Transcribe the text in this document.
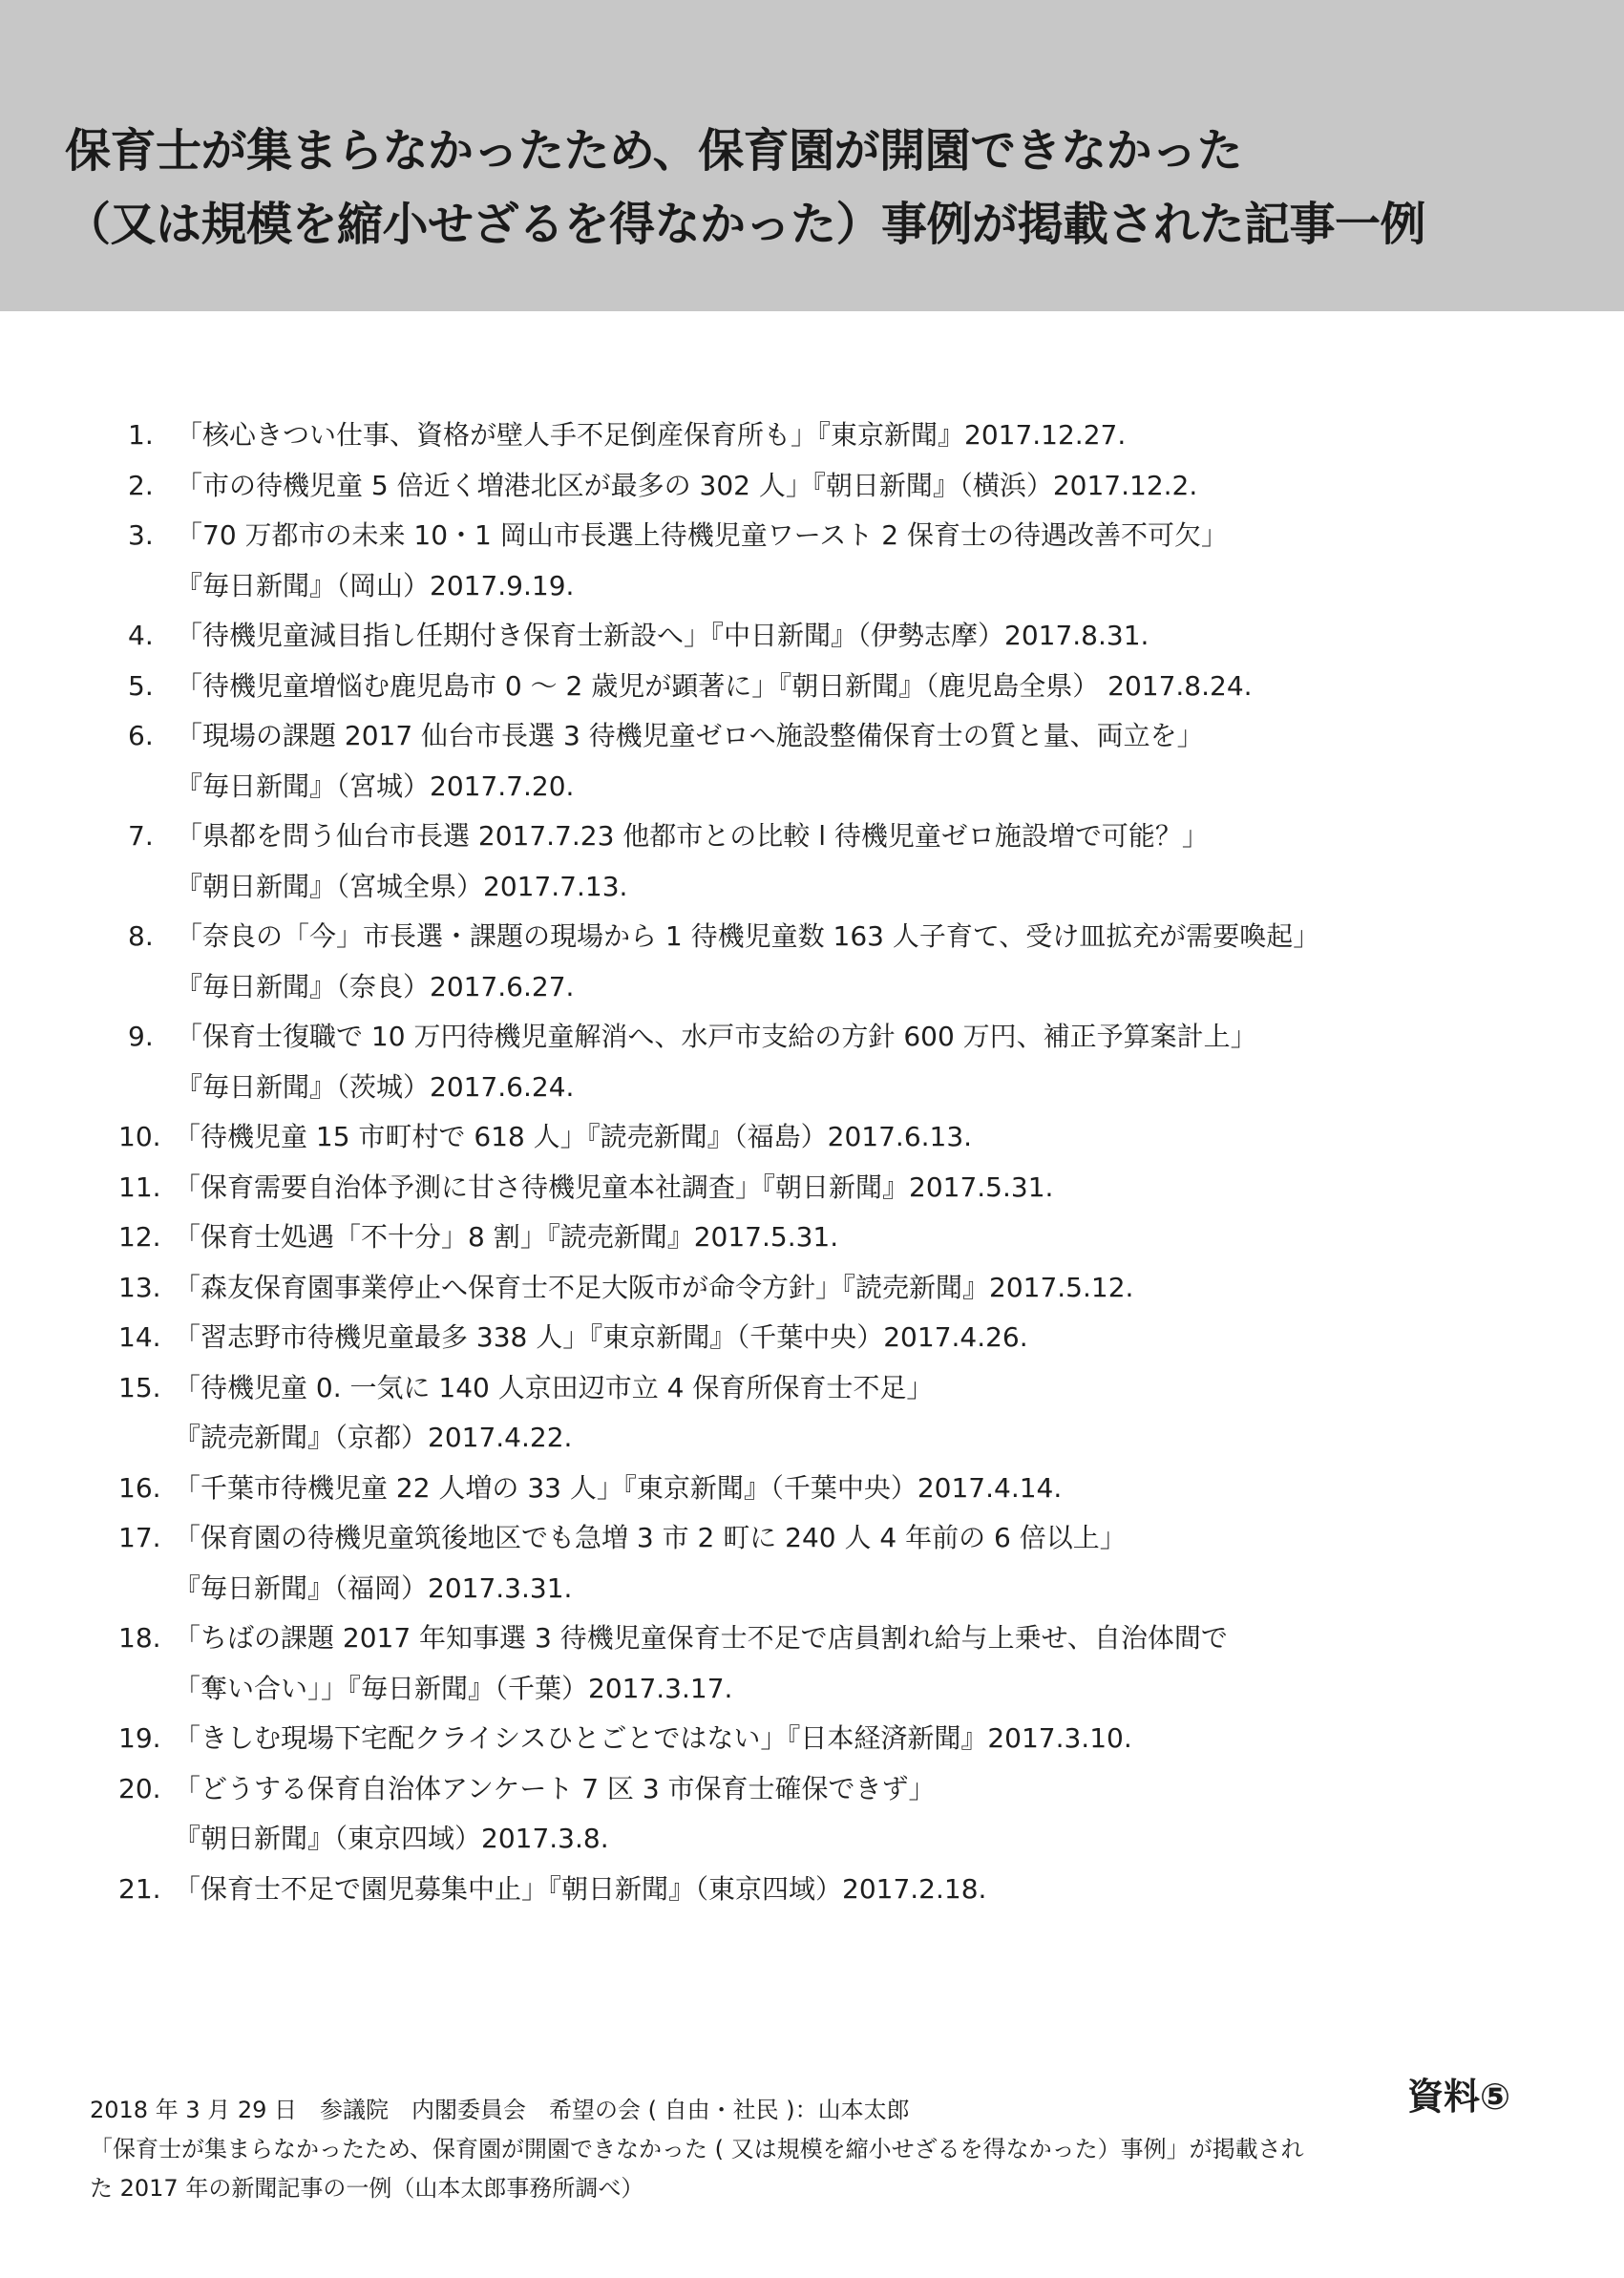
保育士が集まらなかったため、保育園が開園できなかった
（又は規模を縮小せざるを得なかった）事例が掲載された記事一例
1. 「核心きつい仕事、資格が壁人手不足倒産保育所も」『東京新聞』2017.12.27.
2. 「市の待機児童 5 倍近く増港北区が最多の 302 人」『朝日新聞』（横浜）2017.12.2.
3. 「70 万都市の未来 10・1 岡山市長選上待機児童ワースト 2 保育士の待遇改善不可欠」
『毎日新聞』（岡山）2017.9.19.
4. 「待機児童減目指し任期付き保育士新設へ」『中日新聞』（伊勢志摩）2017.8.31.
5. 「待機児童増悩む鹿児島市 0 ～ 2 歳児が顕著に」『朝日新聞』（鹿児島全県） 2017.8.24.
6. 「現場の課題 2017 仙台市長選 3 待機児童ゼロへ施設整備保育士の質と量、両立を」
『毎日新聞』（宮城）2017.7.20.
7. 「県都を問う仙台市長選 2017.7.23 他都市との比較 l 待機児童ゼロ施設増で可能？」
『朝日新聞』（宮城全県）2017.7.13.
8. 「奈良の「今」市長選・課題の現場から 1 待機児童数 163 人子育て、受け皿拡充が需要喚起」
『毎日新聞』（奈良）2017.6.27.
9. 「保育士復職で 10 万円待機児童解消へ、水戸市支給の方針 600 万円、補正予算案計上」
『毎日新聞』（茨城）2017.6.24.
10. 「待機児童 15 市町村で 618 人」『読売新聞』（福島）2017.6.13.
11. 「保育需要自治体予測に甘さ待機児童本社調査」『朝日新聞』2017.5.31.
12. 「保育士処遇「不十分」8 割」『読売新聞』2017.5.31.
13. 「森友保育園事業停止へ保育士不足大阪市が命令方針」『読売新聞』2017.5.12.
14. 「習志野市待機児童最多 338 人」『東京新聞』（千葉中央）2017.4.26.
15. 「待機児童 0. 一気に 140 人京田辺市立 4 保育所保育士不足」
『読売新聞』（京都）2017.4.22.
16. 「千葉市待機児童 22 人増の 33 人」『東京新聞』（千葉中央）2017.4.14.
17. 「保育園の待機児童筑後地区でも急増 3 市 2 町に 240 人 4 年前の 6 倍以上」
『毎日新聞』（福岡）2017.3.31.
18. 「ちばの課題 2017 年知事選 3 待機児童保育士不足で店員割れ給与上乗せ、自治体間で
「奪い合い」」『毎日新聞』（千葉）2017.3.17.
19. 「きしむ現場下宅配クライシスひとごとではない」『日本経済新聞』2017.3.10.
20. 「どうする保育自治体アンケート 7 区 3 市保育士確保できず」
『朝日新聞』（東京四域）2017.3.8.
21. 「保育士不足で園児募集中止」『朝日新聞』（東京四域）2017.2.18.
資料⑤
2018 年 3 月 29 日　参議院　内閣委員会　希望の会 ( 自由・社民 )：山本太郎
「保育士が集まらなかったため、保育園が開園できなかった ( 又は規模を縮小せざるを得なかった）事例」が掲載され
た 2017 年の新聞記事の一例（山本太郎事務所調べ）
